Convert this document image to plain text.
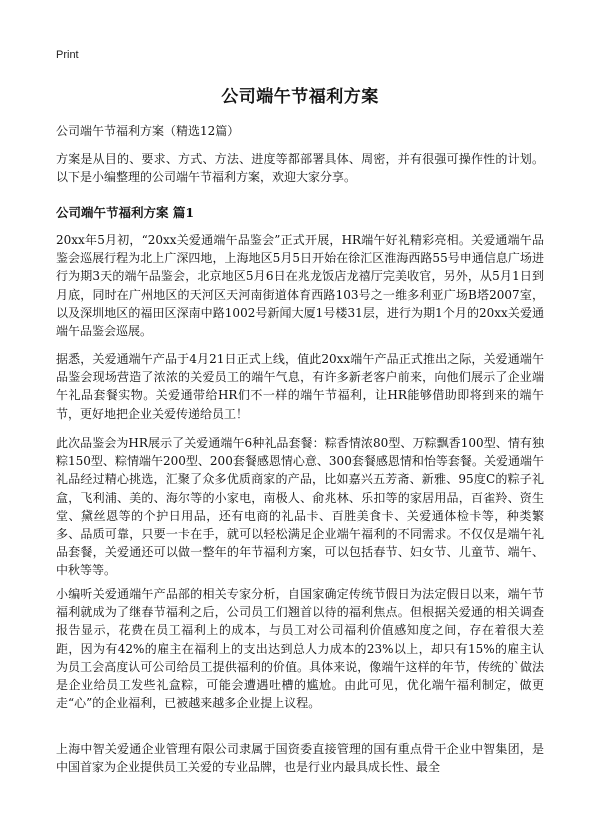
Print
公司端午节福利方案

公司端午节福利方案（精选12篇）

方案是从目的、要求、方式、方法、进度等都部署具体、周密，并有很强可操作性的计划。以下是小编整理的公司端午节福利方案，欢迎大家分享。

公司端午节福利方案 篇1

20xx年5月初，“20xx关爱通端午品鉴会”正式开展，HR端午好礼精彩亮相。关爱通端午品鉴会巡展行程为北上广深四地，上海地区5月5日开始在徐汇区淮海西路55号申通信息广场进行为期3天的端午品鉴会，北京地区5月6日在兆龙饭店龙禧厅完美收官，另外，从5月1日到月底，同时在广州地区的天河区天河南街道体育西路103号之一维多利亚广场B塔2007室，以及深圳地区的福田区深南中路1002号新闻大厦1号楼31层，进行为期1个月的20xx关爱通端午品鉴会巡展。

据悉，关爱通端午产品于4月21日正式上线，值此20xx端午产品正式推出之际，关爱通端午品鉴会现场营造了浓浓的关爱员工的端午气息，有许多新老客户前来，向他们展示了企业端午礼品套餐实物。关爱通带给HR们不一样的端午节福利，让HR能够借助即将到来的端午节，更好地把企业关爱传递给员工！

此次品鉴会为HR展示了关爱通端午6种礼品套餐：粽香情浓80型、万粽飘香100型、情有独粽150型、粽情端午200型、200套餐感恩情心意、300套餐感恩情和怡等套餐。关爱通端午礼品经过精心挑选，汇聚了众多优质商家的产品，比如嘉兴五芳斋、新雅、95度C的粽子礼盒，飞利浦、美的、海尔等的小家电，南极人、俞兆林、乐扣等的家居用品，百雀羚、资生堂、黛丝恩等的个护日用品，还有电商的礼品卡、百胜美食卡、关爱通体检卡等，种类繁多、品质可靠，只要一卡在手，就可以轻松满足企业端午福利的不同需求。不仅仅是端午礼品套餐，关爱通还可以做一整年的年节福利方案，可以包括春节、妇女节、儿童节、端午、中秋等等。

小编听关爱通端午产品部的相关专家分析，自国家确定传统节假日为法定假日以来，端午节福利就成为了继春节福利之后，公司员工们翘首以待的福利焦点。但根据关爱通的相关调查报告显示，花费在员工福利上的成本，与员工对公司福利价值感知度之间，存在着很大差距，因为有42%的雇主在福利上的支出达到总人力成本的23%以上，却只有15%的雇主认为员工会高度认可公司给员工提供福利的价值。具体来说，像端午这样的年节，传统的`做法是企业给员工发些礼盒粽，可能会遭遇吐槽的尴尬。由此可见，优化端午福利制定，做更走“心”的企业福利，已被越来越多企业提上议程。

上海中智关爱通企业管理有限公司隶属于国资委直接管理的国有重点骨干企业中智集团，是中国首家为企业提供员工关爱的专业品牌，也是行业内最具成长性、最全
